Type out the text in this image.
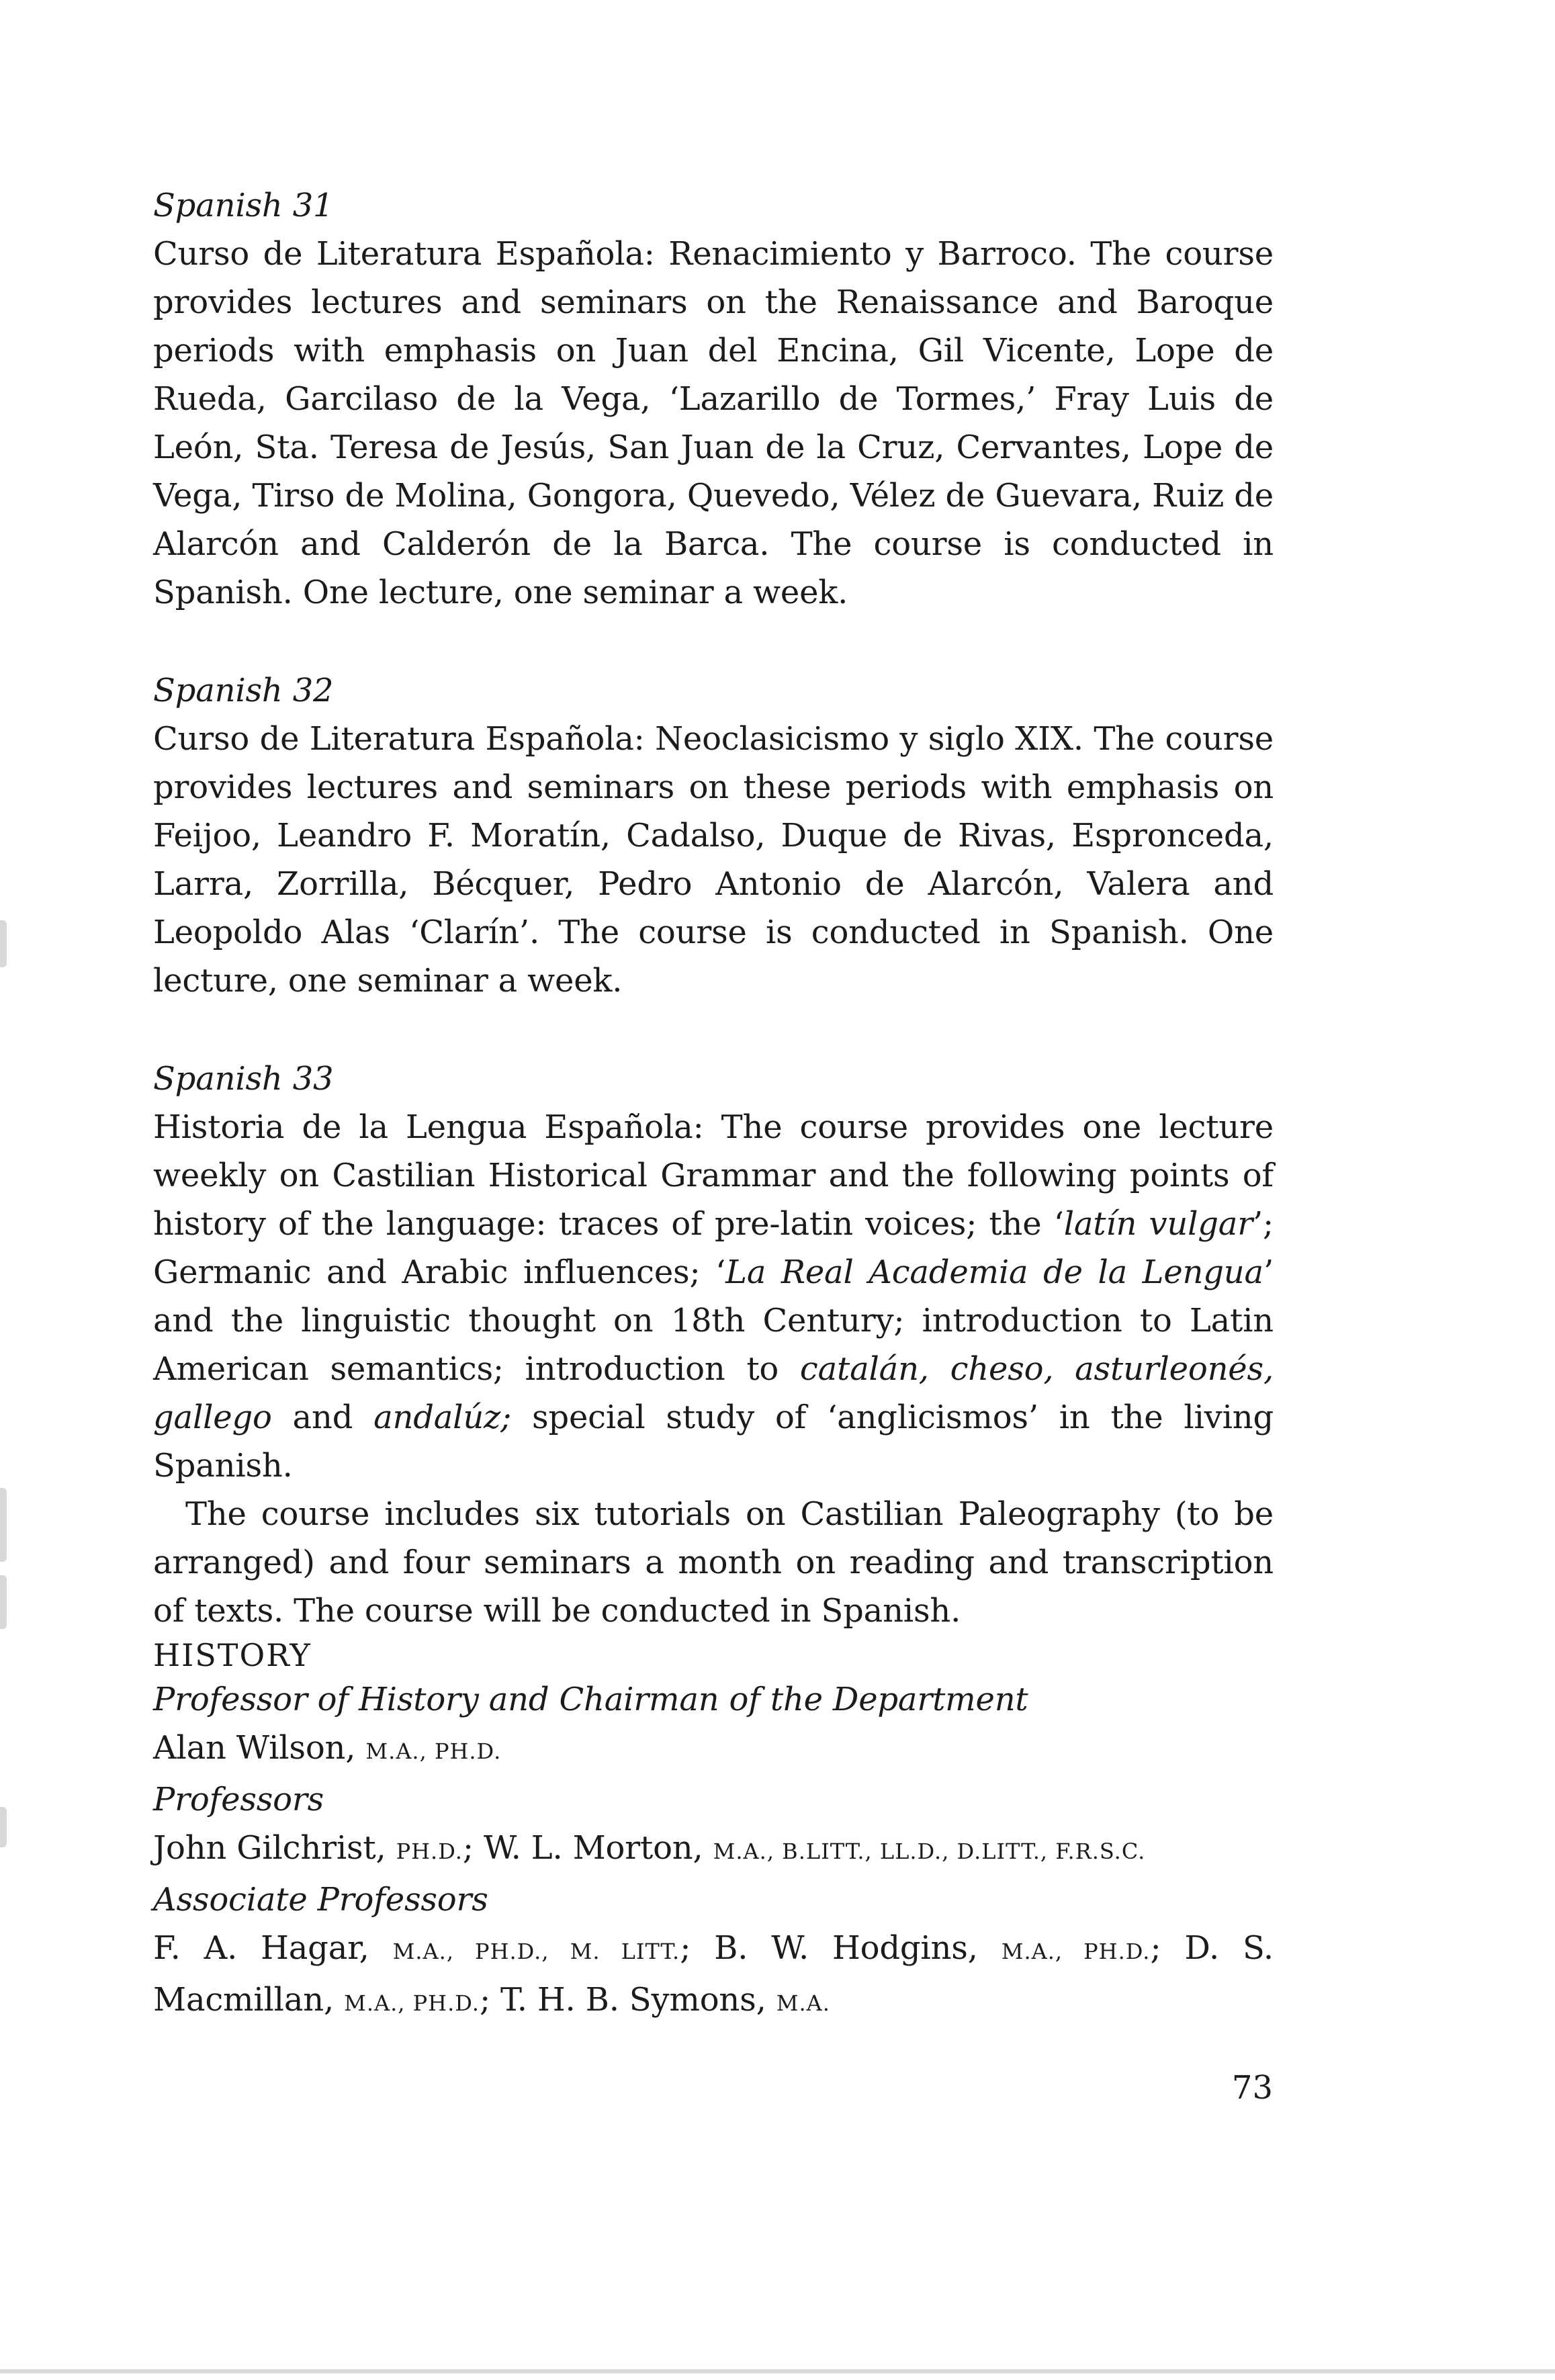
Spanish 31

Curso de Literatura Española: Renacimiento y Barroco. The course provides lectures and seminars on the Renaissance and Baroque periods with emphasis on Juan del Encina, Gil Vicente, Lope de Rueda, Garcilaso de la Vega, ‘Lazarillo de Tormes,’ Fray Luis de León, Sta. Teresa de Jesús, San Juan de la Cruz, Cervantes, Lope de Vega, Tirso de Molina, Gongora, Quevedo, Vélez de Guevara, Ruiz de Alarcón and Calderón de la Barca. The course is conducted in Spanish. One lecture, one seminar a week.

Spanish 32

Curso de Literatura Española: Neoclasicismo y siglo XIX. The course provides lectures and seminars on these periods with emphasis on Feijoo, Leandro F. Moratín, Cadalso, Duque de Rivas, Espronceda, Larra, Zorrilla, Bécquer, Pedro Antonio de Alarcón, Valera and Leopoldo Alas ‘Clarín’. The course is conducted in Spanish. One lecture, one seminar a week.

Spanish 33

Historia de la Lengua Española: The course provides one lecture weekly on Castilian Historical Grammar and the following points of history of the language: traces of pre-latin voices; the ‘latín vulgar’; Germanic and Arabic influences; ‘La Real Academia de la Lengua’ and the linguistic thought on 18th Century; introduction to Latin American semantics; introduction to catalán, cheso, asturleonés, gallego and andalúz; special study of ‘anglicismos’ in the living Spanish.

The course includes six tutorials on Castilian Paleography (to be arranged) and four seminars a month on reading and transcription of texts. The course will be conducted in Spanish.

HISTORY

Professor of History and Chairman of the Department

Alan Wilson, M.A., PH.D.

Professors

John Gilchrist, PH.D.; W. L. Morton, M.A., B.LITT., LL.D., D.LITT., F.R.S.C.

Associate Professors

F. A. Hagar, M.A., PH.D., M. LITT.; B. W. Hodgins, M.A., PH.D.; D. S. Macmillan, M.A., PH.D.; T. H. B. Symons, M.A.

73
